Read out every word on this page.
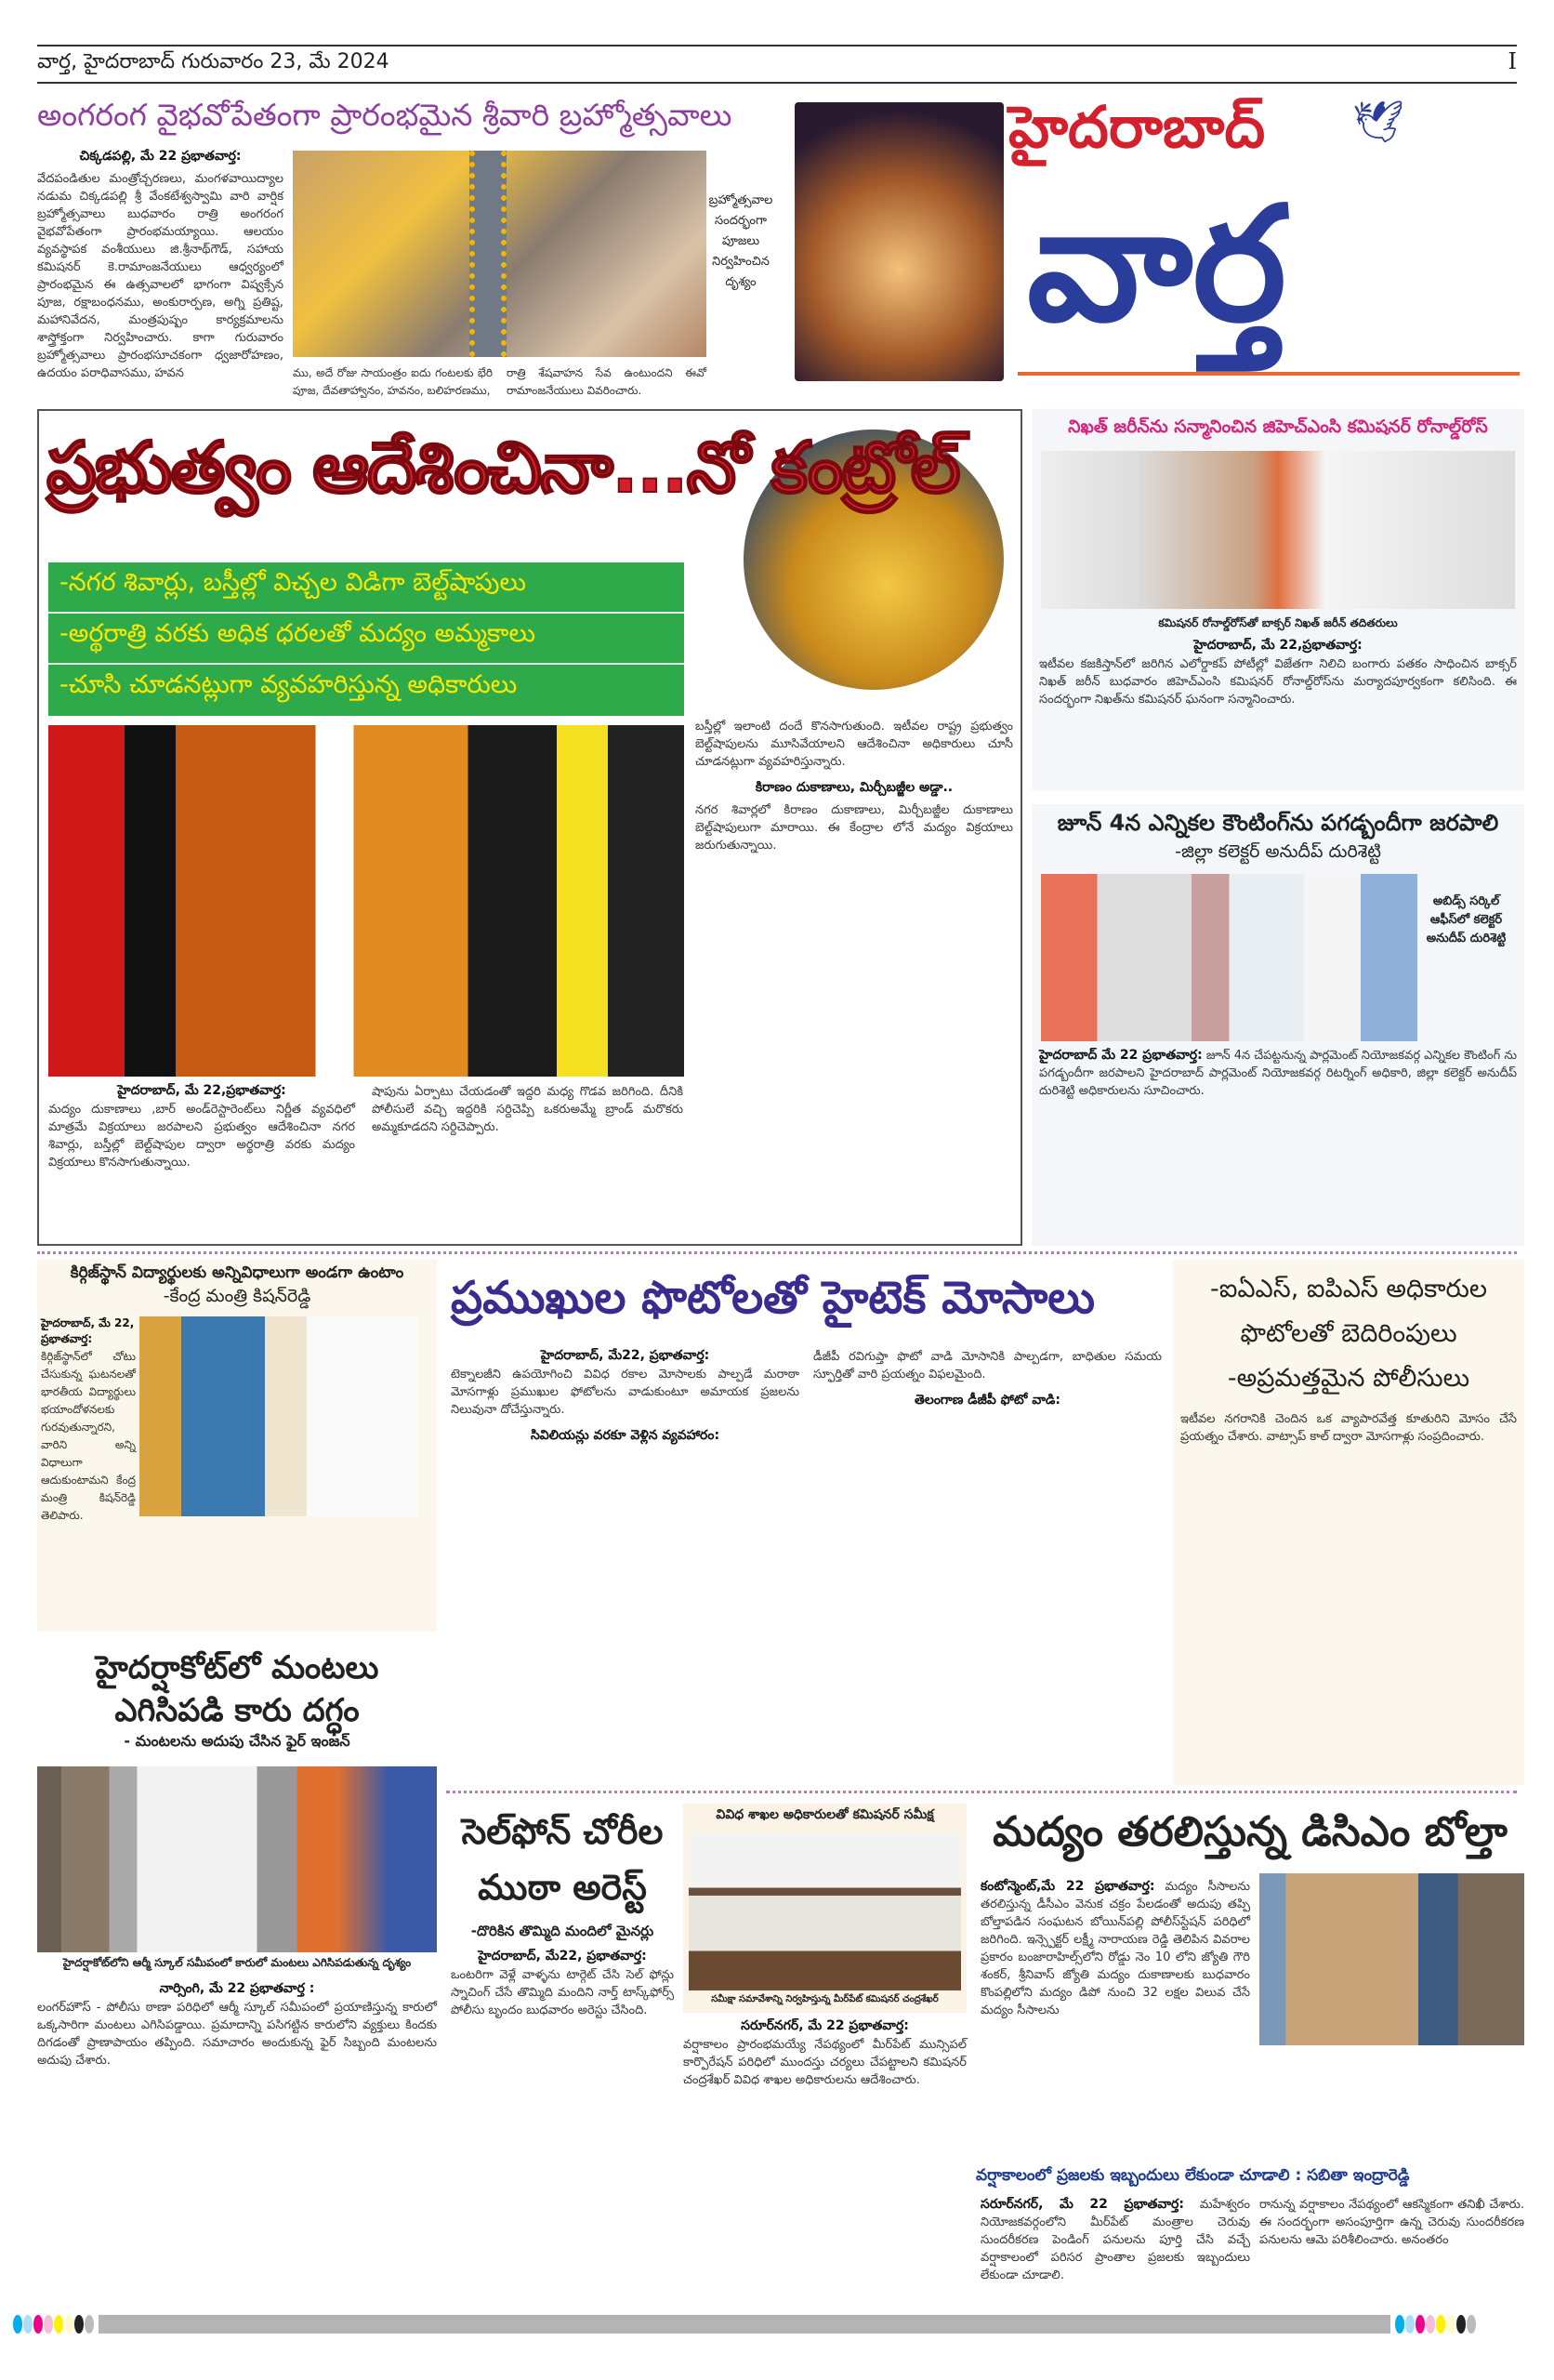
వార్త, హైదరాబాద్ గురువారం 23, మే 2024	I
అంగరంగ వైభవోపేతంగా ప్రారంభమైన శ్రీవారి బ్రహ్మోత్సవాలు
చిక్కడపల్లి, మే 22 ప్రభాతవార్త:
వేదపండితుల మంత్రోచ్చరణలు, మంగళవాయిద్యాల నడుమ చిక్కడపల్లి శ్రీ వేంకటేశ్వస్వామి వారి వార్షిక బ్రహ్మోత్సవాలు బుధవారం రాత్రి అంగరంగ వైభవోపేతంగా ప్రారంభమయ్యాయి. ఆలయం వ్యవస్థాపక వంశీయులు జి.శ్రీనాథ్‌గౌడ్, సహాయ కమిషనర్ కె.రామాంజనేయులు ఆధ్వర్యంలో ప్రారంభమైన ఈ ఉత్సవాలలో భాగంగా విష్వక్సేన పూజ, రక్షాబంధనము, అంకురార్పణ, అగ్ని ప్రతిష్ట, మహానివేదన, మంత్రపుష్పం కార్యక్రమాలను శాస్త్రోక్తంగా నిర్వహించారు. కాగా గురువారం బ్రహ్మోత్సవాలు ప్రారంభసూచకంగా ధ్వజారోహణం, ఉదయం పరాధివాసము, హవన
బ్రహ్మోత్సవాల సందర్భంగా పూజలు నిర్వహించిన దృశ్యం
ము, అదే రోజు సాయంత్రం ఐదు గంటలకు భేరి పూజ, దేవతాహ్వానం, హవనం, బలిహరణము,
రాత్రి శేషవాహన సేవ ఉంటుందని ఈవో రామాంజనేయులు వివరించారు.
హైదరాబాద్ 🕊
వార్త
ప్రభుత్వం ఆదేశించినా...నో కంట్రోల్
-నగర శివార్లు, బస్తీల్లో విచ్చల విడిగా బెల్ట్‌షాపులు
-అర్థరాత్రి వరకు అధిక ధరలతో మద్యం అమ్మకాలు
-చూసి చూడనట్లుగా వ్యవహరిస్తున్న అధికారులు
హైదరాబాద్, మే 22,ప్రభాతవార్త:
మద్యం దుకాణాలు ,బార్ అండ్‌రెస్టారెంట్‌లు నిర్ణీత వ్యవధిలో మాత్రమే విక్రయాలు జరపాలని ప్రభుత్వం ఆదేశించినా నగర శివార్లు, బస్తీల్లో బెల్ట్‌షాపుల ద్వారా అర్థరాత్రి వరకు మద్యం విక్రయాలు కొనసాగుతున్నాయి.
షాపును ఏర్పాటు చేయడంతో ఇద్దరి మధ్య గొడవ జరిగింది. దీనికి పోలీసులే వచ్చి ఇద్దరికి సర్దిచెప్పి ఒకరుఅమ్మే బ్రాండ్ మరొకరు అమ్మకూడదని సర్దిచెప్పారు.
బస్తీల్లో ఇలాంటి దందే కొనసాగుతుంది. ఇటీవల రాష్ట్ర ప్రభుత్వం బెల్ట్‌షాపులను మూసివేయాలని ఆదేశించినా అధికారులు చూసీ చూడనట్లుగా వ్యవహరిస్తున్నారు.
కిరాణం దుకాణాలు, మిర్చీబజ్జీల అడ్డా..
నగర శివార్లలో కిరాణం దుకాణాలు, మిర్చీబజ్జీల దుకాణాలు బెల్ట్‌షాపులుగా మారాయి. ఈ కేంద్రాల లోనే మద్యం విక్రయాలు జరుగుతున్నాయి.
నిఖత్ జరీన్‌ను సన్మానించిన జిహెచ్ఎంసి కమిషనర్ రోనాల్డ్‌రోస్
కమిషనర్ రోనాల్డ్‌రోస్‌తో బాక్సర్ నిఖత్ జరీన్ తదితరులు
హైదరాబాద్, మే 22,ప్రభాతవార్త:
ఇటీవల కజకిస్తాన్‌లో జరిగిన ఎలోర్డాకప్ పోటీల్లో విజేతగా నిలిచి బంగారు పతకం సాధించిన బాక్సర్ నిఖత్ జరీన్ బుధవారం జిహెచ్ఎంసి కమిషనర్ రోనాల్డ్‌రోస్‌ను మర్యాదపూర్వకంగా కలిసింది. ఈ సందర్భంగా నిఖత్‌ను కమిషనర్ ఘనంగా సన్మానించారు.
జూన్ 4న ఎన్నికల కౌంటింగ్‌ను పగడ్బందీగా జరపాలి
-జిల్లా కలెక్టర్ అనుదీప్ దురిశెట్టి
అబిడ్స్ సర్కిల్ ఆఫీస్‌లో కలెక్టర్ అనుదీప్ దురిశెట్టి
హైదరాబాద్ మే 22 ప్రభాతవార్త: జూన్ 4న చేపట్టనున్న పార్లమెంట్ నియోజకవర్గ ఎన్నికల కౌంటింగ్ ను పగడ్బందీగా జరపాలని హైదరాబాద్ పార్లమెంట్ నియోజకవర్గ రిటర్నింగ్ అధికారి, జిల్లా కలెక్టర్ అనుదీప్ దురిశెట్టి అధికారులను సూచించారు.
కిర్గిజ్‌స్థాన్ విద్యార్థులకు అన్నివిధాలుగా అండగా ఉంటాం
-కేంద్ర మంత్రి కిషన్‌రెడ్డి
హైదరాబాద్, మే 22, ప్రభాతవార్త:
కిర్గిజ్‌స్థాన్‌లో చోటు చేసుకున్న ఘటనలతో భారతీయ విద్యార్థులు భయాందోళనలకు గురవుతున్నారని, వారిని అన్ని విధాలుగా ఆదుకుంటామని కేంద్ర మంత్రి కిషన్‌రెడ్డి తెలిపారు.
ప్రముఖుల ఫొటోలతో హైటెక్ మోసాలు
హైదరాబాద్, మే22, ప్రభాతవార్త:
టెక్నాలజీని ఉపయోగించి వివిధ రకాల మోసాలకు పాల్పడే మరాఠా మోసగాళ్లు ప్రముఖుల ఫోటోలను వాడుకుంటూ అమాయక ప్రజలను నిలువునా దోచేస్తున్నారు.
సివిలియన్లు వరకూ వెళ్లిన వ్యవహారం:
డీజీపీ రవిగుప్తా ఫొటో వాడి మోసానికి పాల్పడగా, బాధితుల సమయ స్ఫూర్తితో వారి ప్రయత్నం విఫలమైంది.
తెలంగాణ డీజీపీ ఫోటో వాడి:
-ఐఏఎస్, ఐపిఎస్ అధికారుల
ఫొటోలతో బెదిరింపులు
-అప్రమత్తమైన పోలీసులు
ఇటీవల నగరానికి చెందిన ఒక వ్యాపారవేత్త కూతురిని మోసం చేసే ప్రయత్నం చేశారు. వాట్సాప్ కాల్ ద్వారా మోసగాళ్లు సంప్రదించారు.
హైదర్షాకోట్‌లో మంటలు ఎగిసిపడి కారు దగ్ధం
- మంటలను అదుపు చేసిన ఫైర్ ఇంజన్
హైదర్షాకోట్‌లోని ఆర్మీ స్కూల్ సమీపంలో కారులో మంటలు ఎగిసిపడుతున్న దృశ్యం
నార్సింగి, మే 22 ప్రభాతవార్త :
లంగర్‌హౌస్ - పోలీసు ఠాణా పరిధిలో ఆర్మీ స్కూల్ సమీపంలో ప్రయాణిస్తున్న కారులో ఒక్కసారిగా మంటలు ఎగిసిపడ్డాయి. ప్రమాదాన్ని పసిగట్టిన కారులోని వ్యక్తులు కిందకు దిగడంతో ప్రాణాపాయం తప్పింది. సమాచారం అందుకున్న ఫైర్ సిబ్బంది మంటలను అదుపు చేశారు.
సెల్‌ఫోన్ చోరీల
ముఠా అరెస్ట్
-దొరికిన తొమ్మిది మందిలో మైనర్లు
హైదరాబాద్, మే22, ప్రభాతవార్త:
ఒంటరిగా వెళ్లే వాళ్ళను టార్గెట్ చేసి సెల్ ఫోన్లు స్నాచింగ్ చేసే తొమ్మిది మందిని నార్త్ టాస్క్‌ఫోర్స్ పోలీసు బృందం బుధవారం అరెస్టు చేసింది.
వివిధ శాఖల అధికారులతో కమిషనర్ సమీక్ష
సమీక్షా సమావేశాన్ని నిర్వహిస్తున్న మీర్‌పేట్ కమిషనర్ చంద్రశేఖర్
సరూర్‌నగర్, మే 22 ప్రభాతవార్త:
వర్షాకాలం ప్రారంభమయ్యే నేపథ్యంలో మీర్‌పేట్ మున్సిపల్ కార్పొరేషన్ పరిధిలో ముందస్తు చర్యలు చేపట్టాలని కమిషనర్ చంద్రశేఖర్ వివిధ శాఖల అధికారులను ఆదేశించారు.
మద్యం తరలిస్తున్న డిసిఎం బోల్తా
కంటోన్మెంట్,మే 22 ప్రభాతవార్త: మద్యం సీసాలను తరలిస్తున్న డీసీఎం వెనుక చక్రం పేలడంతో అదుపు తప్పి బోల్తాపడిన సంఘటన బోయిన్‌పల్లి పోలీస్‌స్టేషన్ పరిధిలో జరిగింది. ఇన్స్పెక్టర్ లక్ష్మీ నారాయణ రెడ్డి తెలిపిన వివరాల ప్రకారం బంజారాహిల్స్‌లోని రోడ్డు నెం 10 లోని జ్యోతి గౌరి శంకర్, శ్రీనివాస్ జ్యోతి మద్యం దుకాణాలకు బుధవారం కొంపల్లిలోని మద్యం డిపో నుంచి 32 లక్షల విలువ చేసే మద్యం సీసాలను
వర్షాకాలంలో ప్రజలకు ఇబ్బందులు లేకుండా చూడాలి : సబితా ఇంద్రారెడ్డి
సరూర్‌నగర్, మే 22 ప్రభాతవార్త: మహేశ్వరం నియోజకవర్గంలోని మీర్‌పేట్ మంత్రాల చెరువు సుందరీకరణ పెండింగ్ పనులను పూర్తి చేసి వచ్చే వర్షాకాలంలో పరిసర ప్రాంతాల ప్రజలకు ఇబ్బందులు లేకుండా చూడాలి.
రానున్న వర్షాకాలం నేపథ్యంలో ఆకస్మికంగా తనిఖీ చేశారు. ఈ సందర్భంగా అసంపూర్తిగా ఉన్న చెరువు సుందరీకరణ పనులను ఆమె పరిశీలించారు. అనంతరం
